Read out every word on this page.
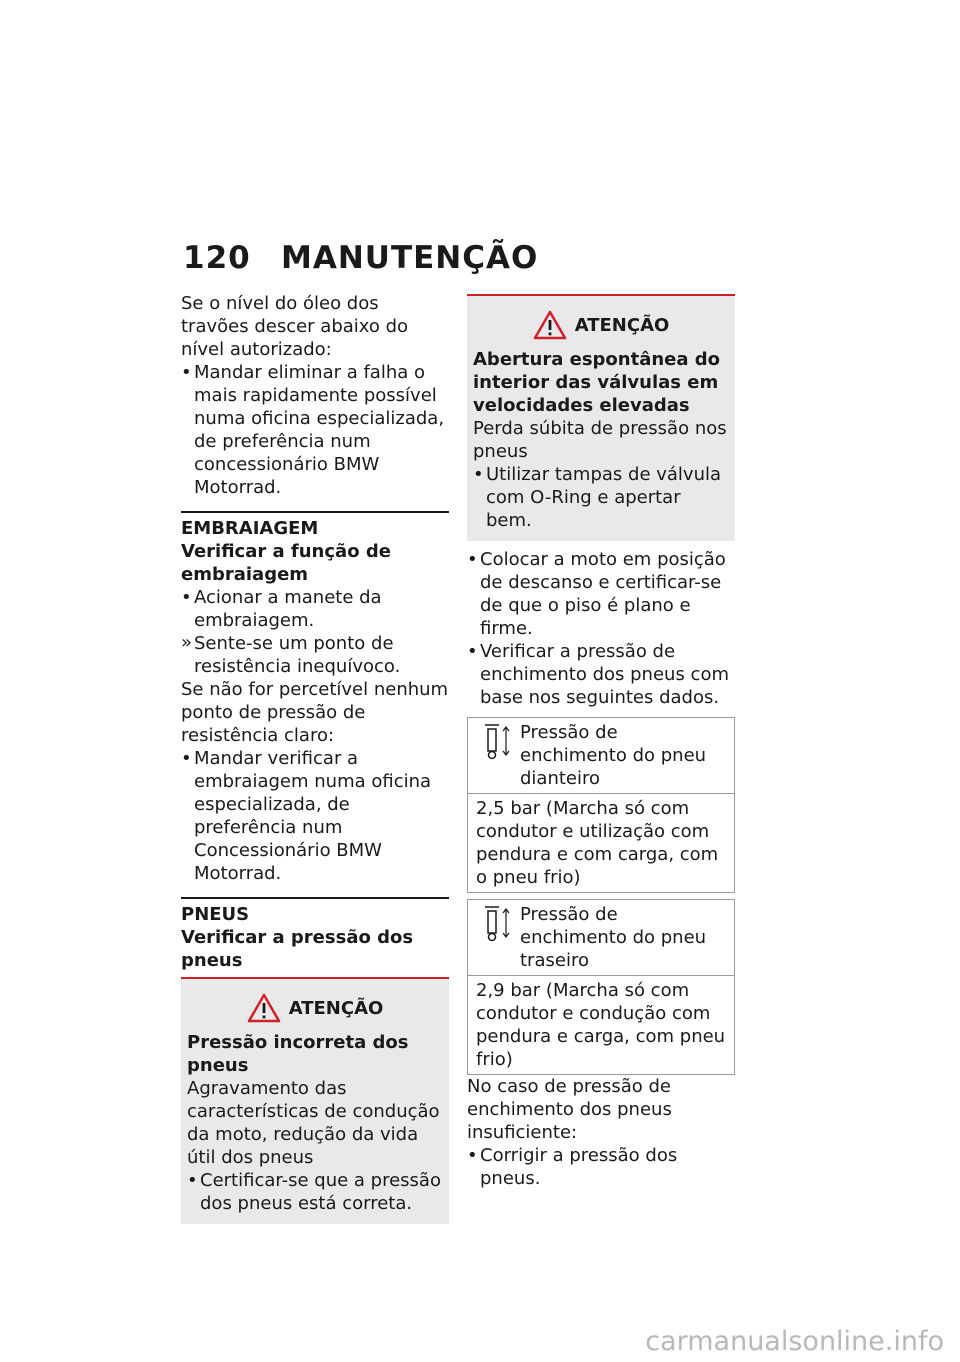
120 MANUTENÇÃO

Se o nível do óleo dos travões descer abaixo do nível autorizado:

• Mandar eliminar a falha o mais rapidamente possível numa oficina especializada, de preferência num concessionário BMW Motorrad.

EMBRAIAGEM

Verificar a função de embraiagem

• Acionar a manete da embraiagem.

» Sente-se um ponto de resistência inequívoco.

Se não for percetível nenhum ponto de pressão de resistência claro:

• Mandar verificar a embraiagem numa oficina especializada, de preferência num Concessionário BMW Motorrad.

PNEUS

Verificar a pressão dos pneus

ATENÇÃO

Pressão incorreta dos pneus

Agravamento das características de condução da moto, redução da vida útil dos pneus

• Certificar-se que a pressão dos pneus está correta.

ATENÇÃO

Abertura espontânea do interior das válvulas em velocidades elevadas

Perda súbita de pressão nos pneus

• Utilizar tampas de válvula com O-Ring e apertar bem.

• Colocar a moto em posição de descanso e certificar-se de que o piso é plano e firme.

• Verificar a pressão de enchimento dos pneus com base nos seguintes dados.

Pressão de enchimento do pneu dianteiro
2,5 bar (Marcha só com condutor e utilização com pendura e com carga, com o pneu frio)
Pressão de enchimento do pneu traseiro
2,9 bar (Marcha só com condutor e condução com pendura e carga, com pneu frio)

No caso de pressão de enchimento dos pneus insuficiente:

• Corrigir a pressão dos pneus.

carmanualsonline.info
